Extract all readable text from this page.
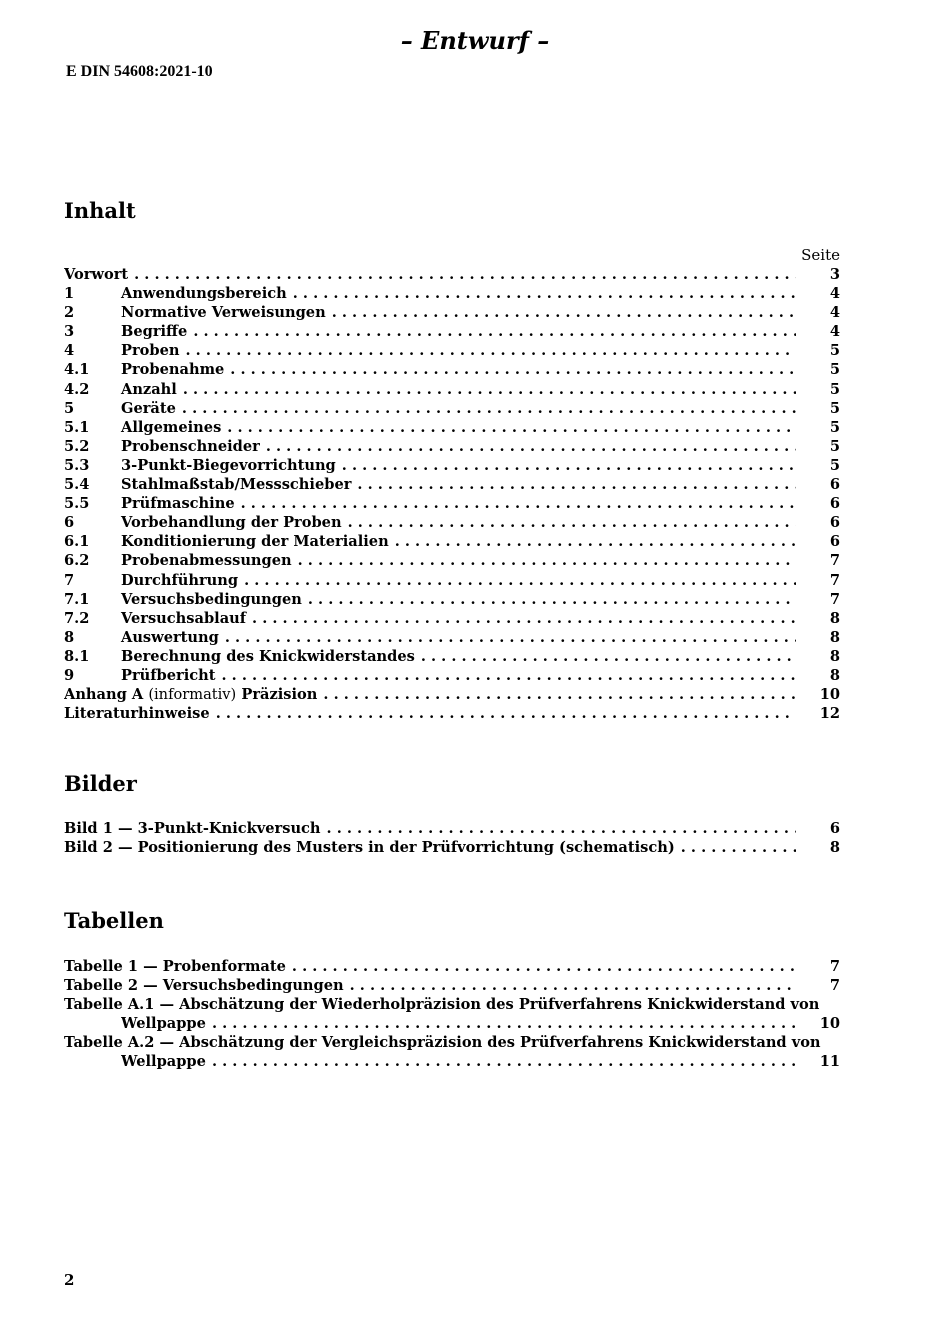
– Entwurf –
E DIN 54608:2021-10
Inhalt
Seite
Vorwort . . .	3
1	Anwendungsbereich . . .	4
2	Normative Verweisungen . . .	4
3	Begriffe . . .	4
4	Proben . . .	5
4.1 Probenahme . . .	5
4.2 Anzahl . . .	5
5	Geräte . . .	5
5.1 Allgemeines . . .	5
5.2 Probenschneider . . .	5
5.3 3-Punkt-Biegevorrichtung . . .	5
5.4 Stahlmaßstab/Messschieber . . .	6
5.5 Prüfmaschine . . .	6
6	Vorbehandlung der Proben . . .	6
6.1 Konditionierung der Materialien . . .	6
6.2 Probenabmessungen . . .	7
7	Durchführung . . .	7
7.1 Versuchsbedingungen . . .	7
7.2 Versuchsablauf . . .	8
8	Auswertung . . .	8
8.1 Berechnung des Knickwiderstandes . . .	8
9	Prüfbericht . . .	8
Anhang A (informativ) Präzision . . .	10
Literaturhinweise . . .	12
Bilder
Bild 1 — 3-Punkt-Knickversuch . . .	6
Bild 2 — Positionierung des Musters in der Prüfvorrichtung (schematisch) . . .	8
Tabellen
Tabelle 1 — Probenformate . . .	7
Tabelle 2 — Versuchsbedingungen . . .	7
Tabelle A.1 — Abschätzung der Wiederholpräzision des Prüfverfahrens Knickwiderstand von
Wellpappe . . .	10
Tabelle A.2 — Abschätzung der Vergleichspräzision des Prüfverfahrens Knickwiderstand von
Wellpappe . . .	11
2
